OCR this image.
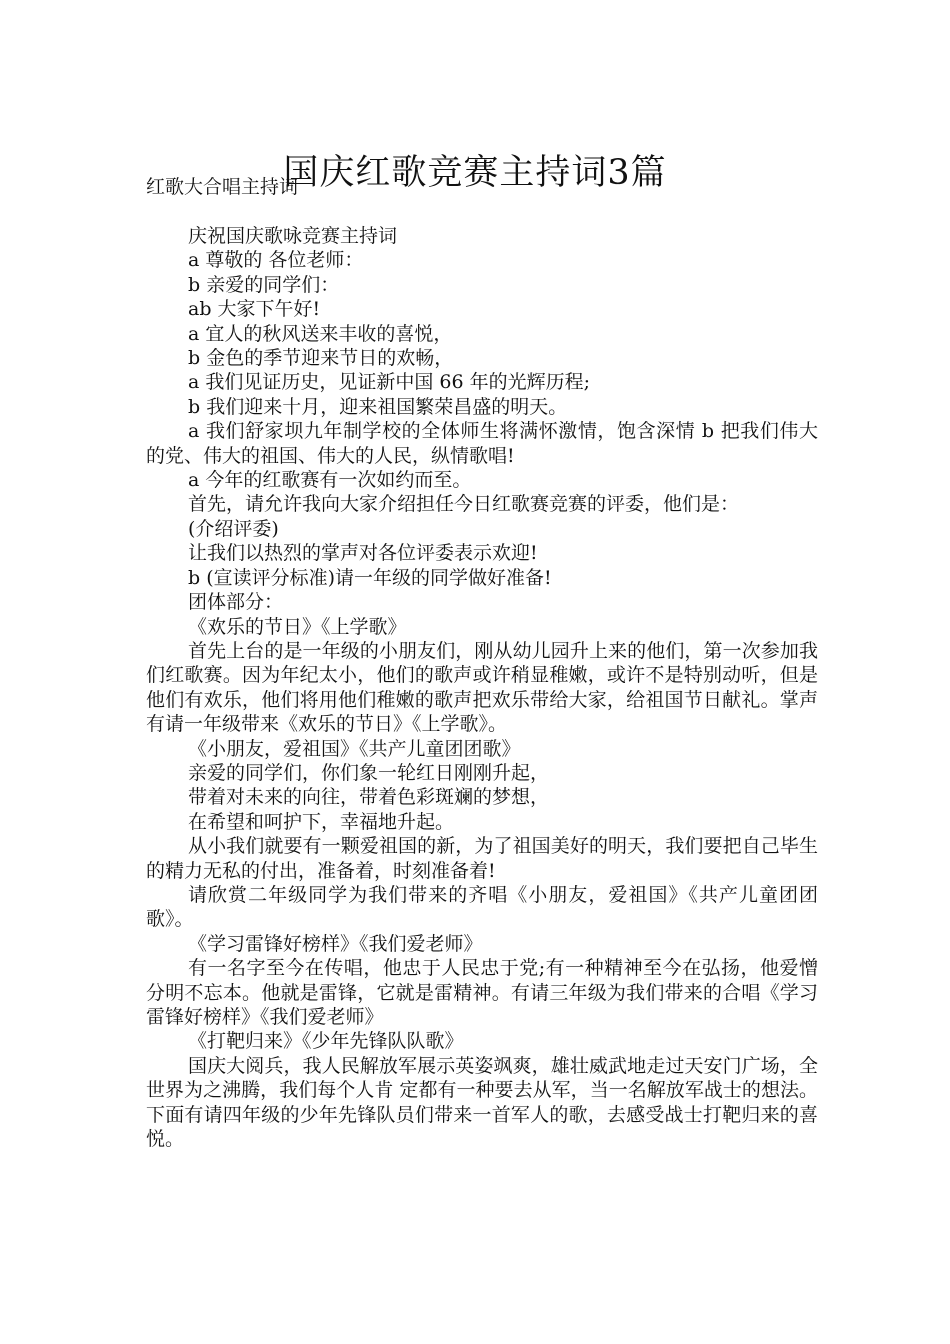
国庆红歌竞赛主持词3篇
红歌大合唱主持词

庆祝国庆歌咏竞赛主持词

a 尊敬的 各位老师：

b 亲爱的同学们：

ab 大家下午好!

a 宜人的秋风送来丰收的喜悦，

b 金色的季节迎来节日的欢畅，

a 我们见证历史，见证新中国 66 年的光辉历程;

b 我们迎来十月，迎来祖国繁荣昌盛的明天。

a 我们舒家坝九年制学校的全体师生将满怀激情，饱含深情 b 把我们伟大的党、伟大的祖国、伟大的人民，纵情歌唱!

a 今年的红歌赛有一次如约而至。

首先，请允许我向大家介绍担任今日红歌赛竞赛的评委，他们是：

(介绍评委)

让我们以热烈的掌声对各位评委表示欢迎!

b (宣读评分标准)请一年级的同学做好准备!

团体部分：

《欢乐的节日》《上学歌》

首先上台的是一年级的小朋友们，刚从幼儿园升上来的他们，第一次参加我们红歌赛。因为年纪太小，他们的歌声或许稍显稚嫩，或许不是特别动听，但是他们有欢乐，他们将用他们稚嫩的歌声把欢乐带给大家，给祖国节日献礼。掌声有请一年级带来《欢乐的节日》《上学歌》。

《小朋友，爱祖国》《共产儿童团团歌》

亲爱的同学们，你们象一轮红日刚刚升起，

带着对未来的向往，带着色彩斑斓的梦想，

在希望和呵护下，幸福地升起。

从小我们就要有一颗爱祖国的新，为了祖国美好的明天，我们要把自己毕生的精力无私的付出，准备着，时刻准备着!

请欣赏二年级同学为我们带来的齐唱《小朋友，爱祖国》《共产儿童团团歌》。

《学习雷锋好榜样》《我们爱老师》

有一名字至今在传唱，他忠于人民忠于党;有一种精神至今在弘扬，他爱憎分明不忘本。他就是雷锋，它就是雷精神。有请三年级为我们带来的合唱《学习雷锋好榜样》《我们爱老师》

《打靶归来》《少年先锋队队歌》

国庆大阅兵，我人民解放军展示英姿飒爽，雄壮威武地走过天安门广场，全世界为之沸腾，我们每个人肯 定都有一种要去从军，当一名解放军战士的想法。下面有请四年级的少年先锋队员们带来一首军人的歌，去感受战士打靶归来的喜悦。
